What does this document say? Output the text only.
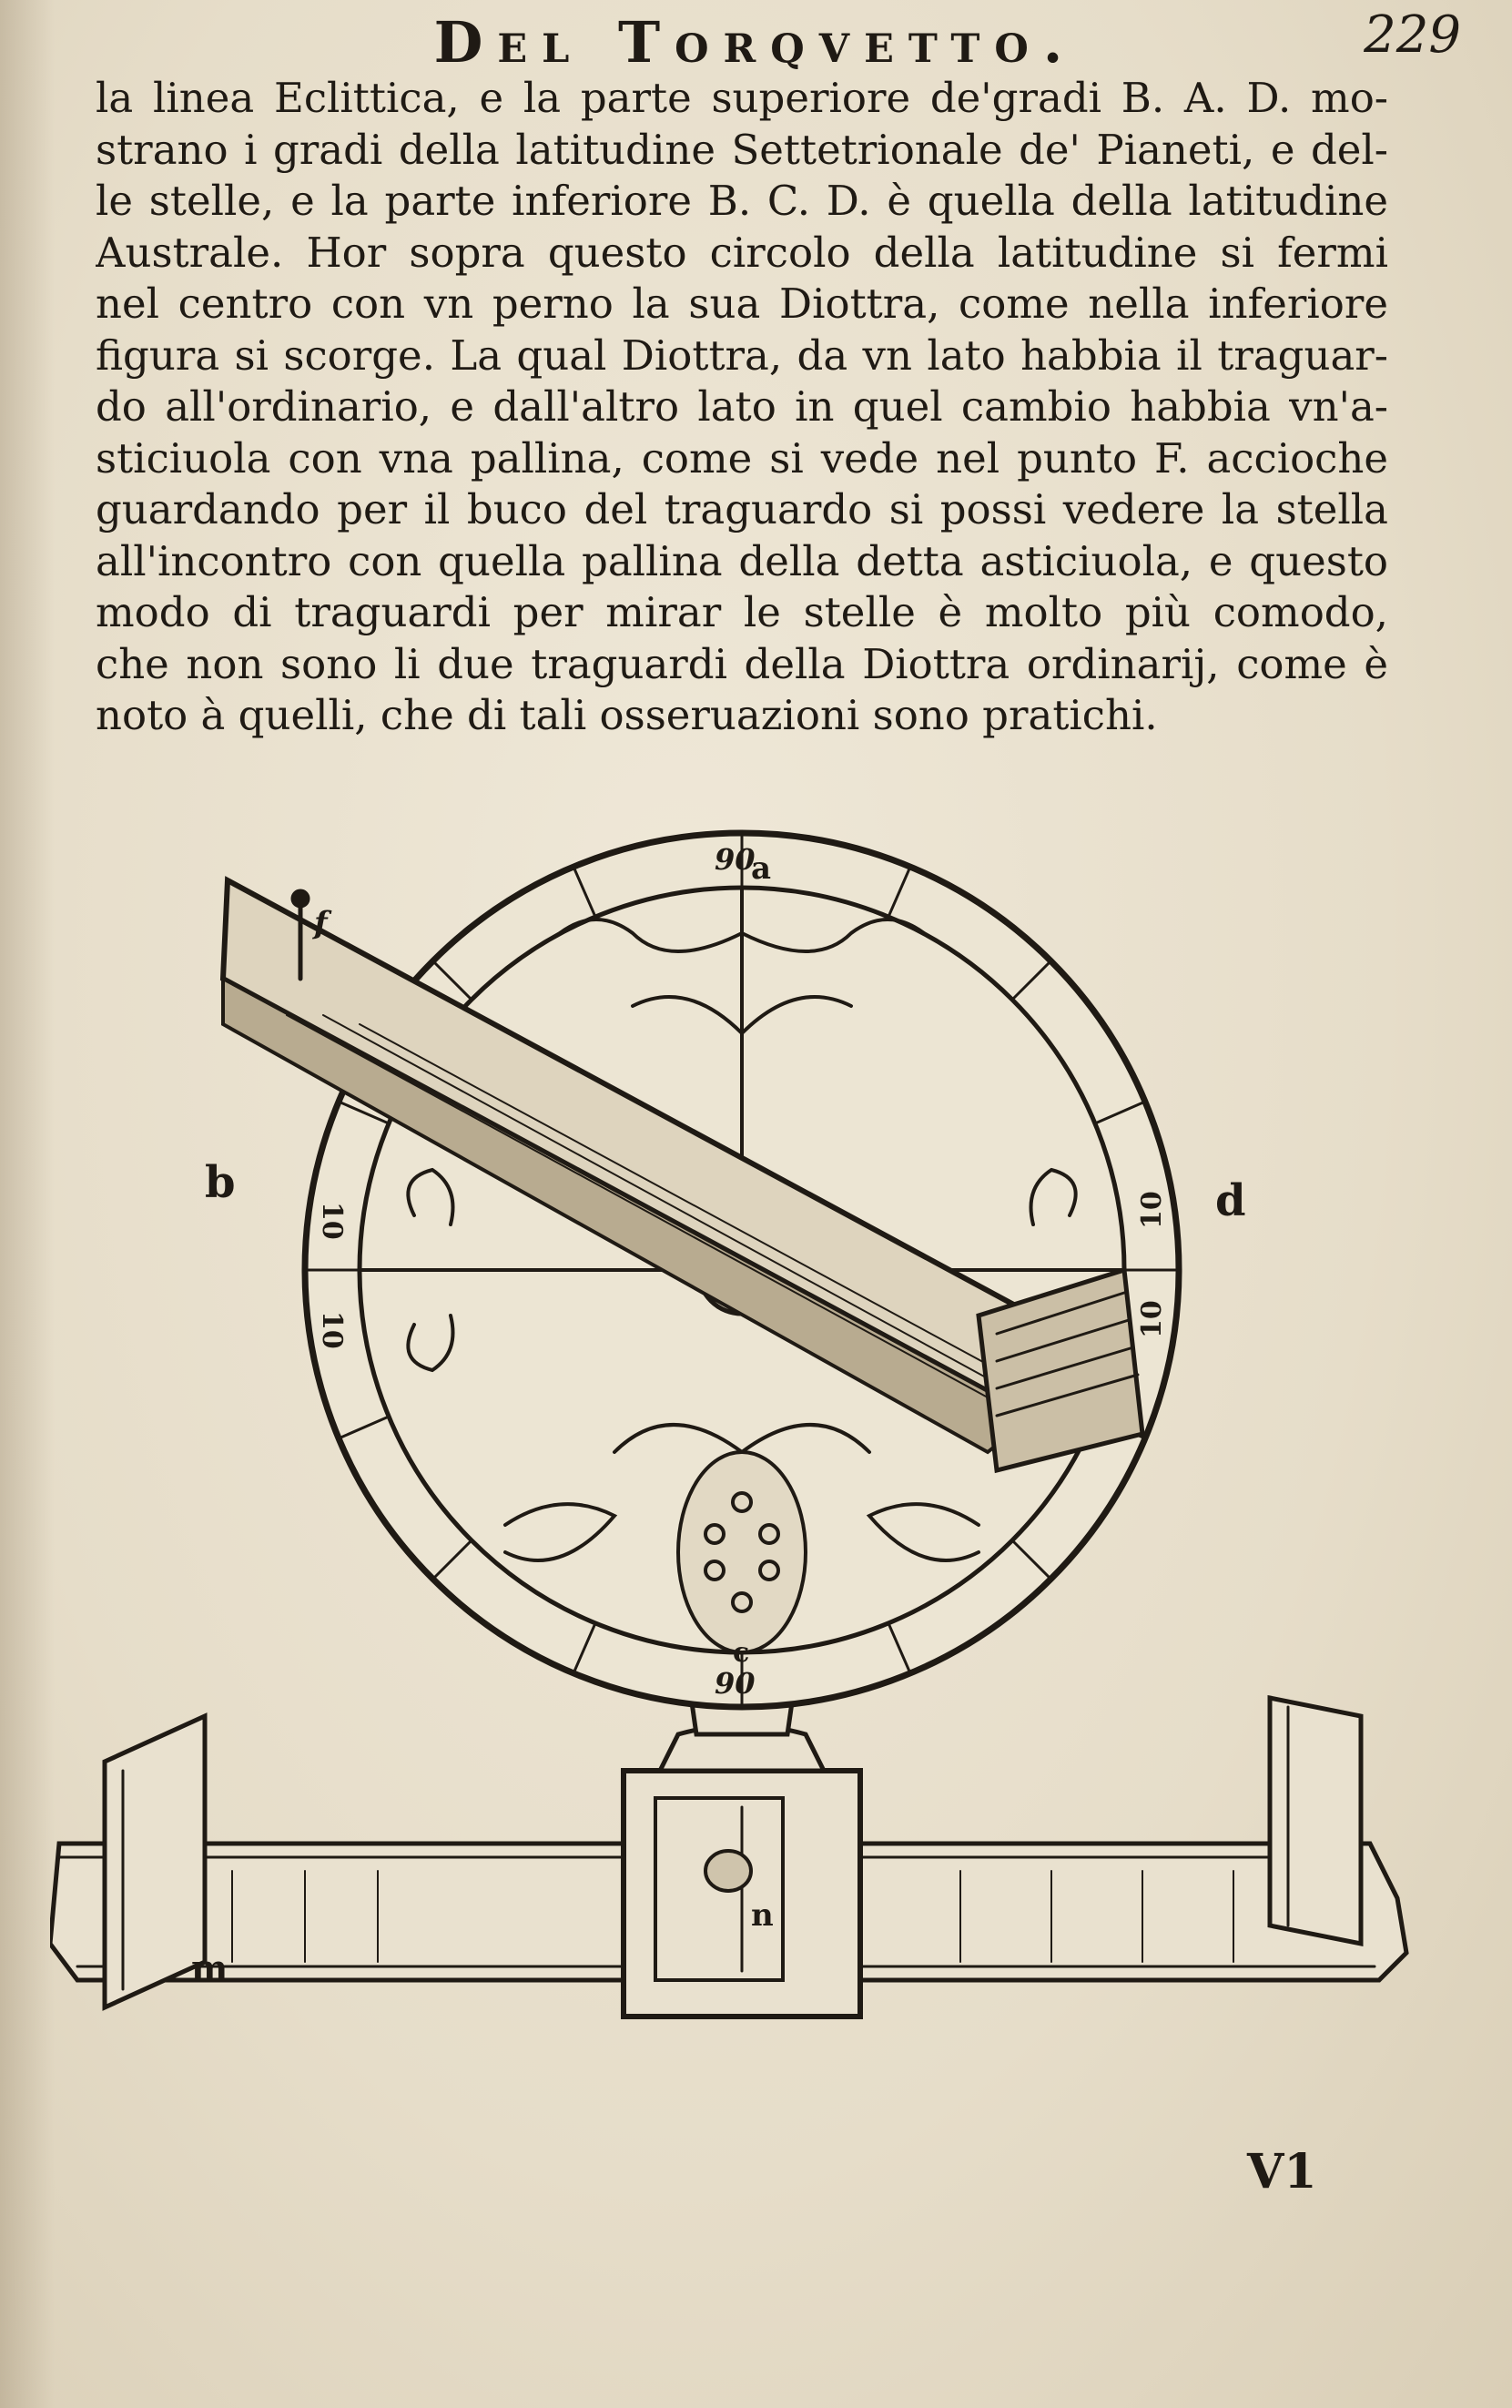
Del Torqvetto.	229
la linea Eclittica, e la parte superiore de'gradi B. A. D. mo-
strano i gradi della latitudine Settetrionale de' Pianeti, e del-
le stelle, e la parte inferiore B. C. D. è quella della latitudine
Australe. Hor sopra questo circolo della latitudine si fermi
nel centro con vn perno la sua Diottra, come nella inferiore
figura si scorge. La qual Diottra, da vn lato habbia il traguar-
do all'ordinario, e dall'altro lato in quel cambio habbia vn'a-
sticiuola con vna pallina, come si vede nel punto F. accioche
guardando per il buco del traguardo si possi vedere la stella
all'incontro con quella pallina della detta asticiuola, e questo
modo di traguardi per mirar le stelle è molto più comodo,
che non sono li due traguardi della Diottra ordinarij, come è
noto à quelli, che di tali osseruazioni sono pratichi.
90
10
10
10
10
90
a
b	d
f
c
m
n
V1
